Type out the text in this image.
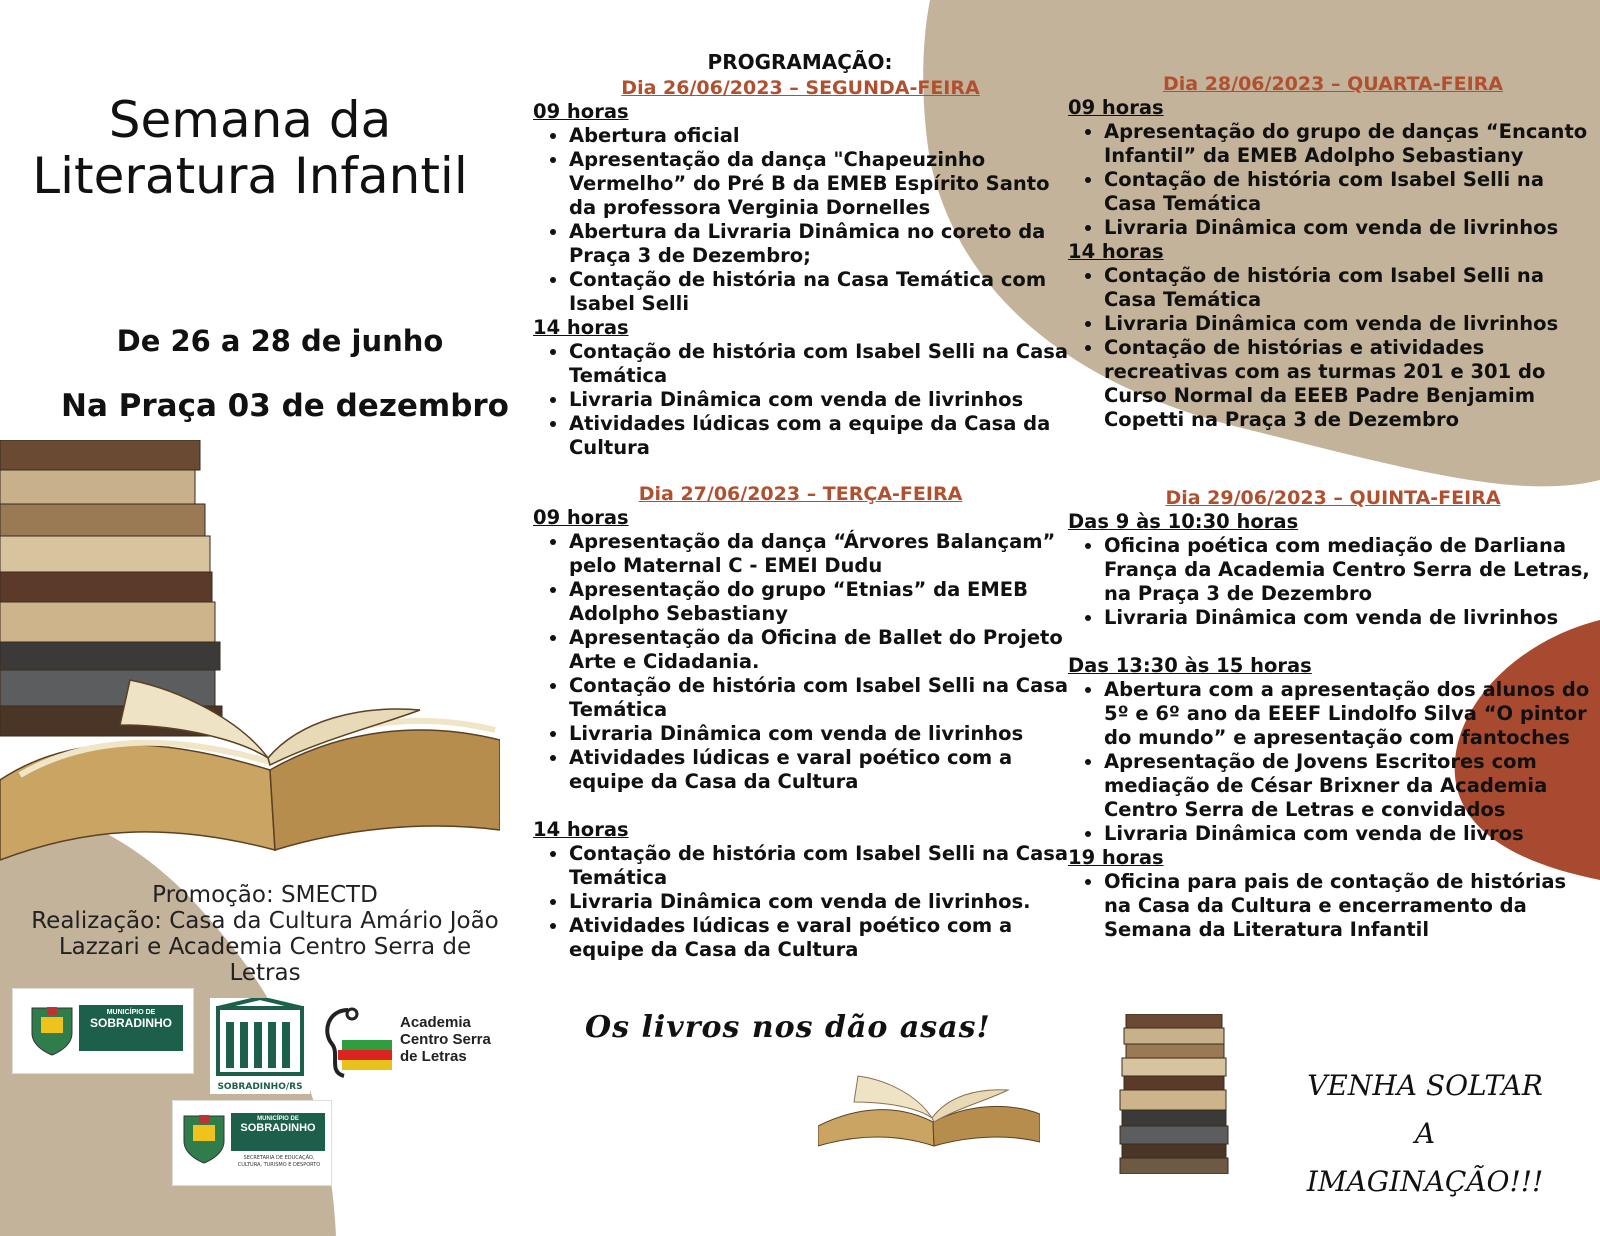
Semana da Literatura Infantil
De 26 a 28 de junho
Na Praça 03 de dezembro
Promoção: SMECTD
Realização: Casa da Cultura Amário João Lazzari e Academia Centro Serra de Letras
MUNICÍPIO DE
SOBRADINHO
SOBRADINHO/RS
Academia Centro Serra de Letras
MUNICÍPIO DE
SOBRADINHO
SECRETARIA DE EDUCAÇÃO, CULTURA, TURISMO E DESPORTO
PROGRAMAÇÃO:
Dia 26/06/2023 – SEGUNDA-FEIRA
09 horas
• Abertura oficial
• Apresentação da dança "Chapeuzinho Vermelho” do Pré B da EMEB Espírito Santo da professora Verginia Dornelles
• Abertura da Livraria Dinâmica no coreto da Praça 3 de Dezembro;
• Contação de história na Casa Temática com Isabel Selli
14 horas
• Contação de história com Isabel Selli na Casa Temática
• Livraria Dinâmica com venda de livrinhos
• Atividades lúdicas com a equipe da Casa da Cultura
Dia 27/06/2023 – TERÇA-FEIRA
09 horas
• Apresentação da dança “Árvores Balançam” pelo Maternal C - EMEI Dudu
• Apresentação do grupo “Etnias” da EMEB Adolpho Sebastiany
• Apresentação da Oficina de Ballet do Projeto Arte e Cidadania.
• Contação de história com Isabel Selli na Casa Temática
• Livraria Dinâmica com venda de livrinhos
• Atividades lúdicas e varal poético com a equipe da Casa da Cultura
14 horas
• Contação de história com Isabel Selli na Casa Temática
• Livraria Dinâmica com venda de livrinhos.
• Atividades lúdicas e varal poético com a equipe da Casa da Cultura
Dia 28/06/2023 – QUARTA-FEIRA
09 horas
• Apresentação do grupo de danças “Encanto Infantil” da EMEB Adolpho Sebastiany
• Contação de história com Isabel Selli na Casa Temática
• Livraria Dinâmica com venda de livrinhos
14 horas
• Contação de história com Isabel Selli na Casa Temática
• Livraria Dinâmica com venda de livrinhos
• Contação de histórias e atividades recreativas com as turmas 201 e 301 do Curso Normal da EEEB Padre Benjamim Copetti na Praça 3 de Dezembro
Dia 29/06/2023 – QUINTA-FEIRA
Das 9 às 10:30 horas
• Oficina poética com mediação de Darliana França da Academia Centro Serra de Letras, na Praça 3 de Dezembro
• Livraria Dinâmica com venda de livrinhos
Das 13:30 às 15 horas
• Abertura com a apresentação dos alunos do 5º e 6º ano da EEEF Lindolfo Silva “O pintor do mundo” e apresentação com fantoches
• Apresentação de Jovens Escritores com mediação de César Brixner da Academia Centro Serra de Letras e convidados
• Livraria Dinâmica com venda de livros
19 horas
• Oficina para pais de contação de histórias na Casa da Cultura e encerramento da Semana da Literatura Infantil
Os livros nos dão asas!
VENHA SOLTAR A IMAGINAÇÃO!!!
